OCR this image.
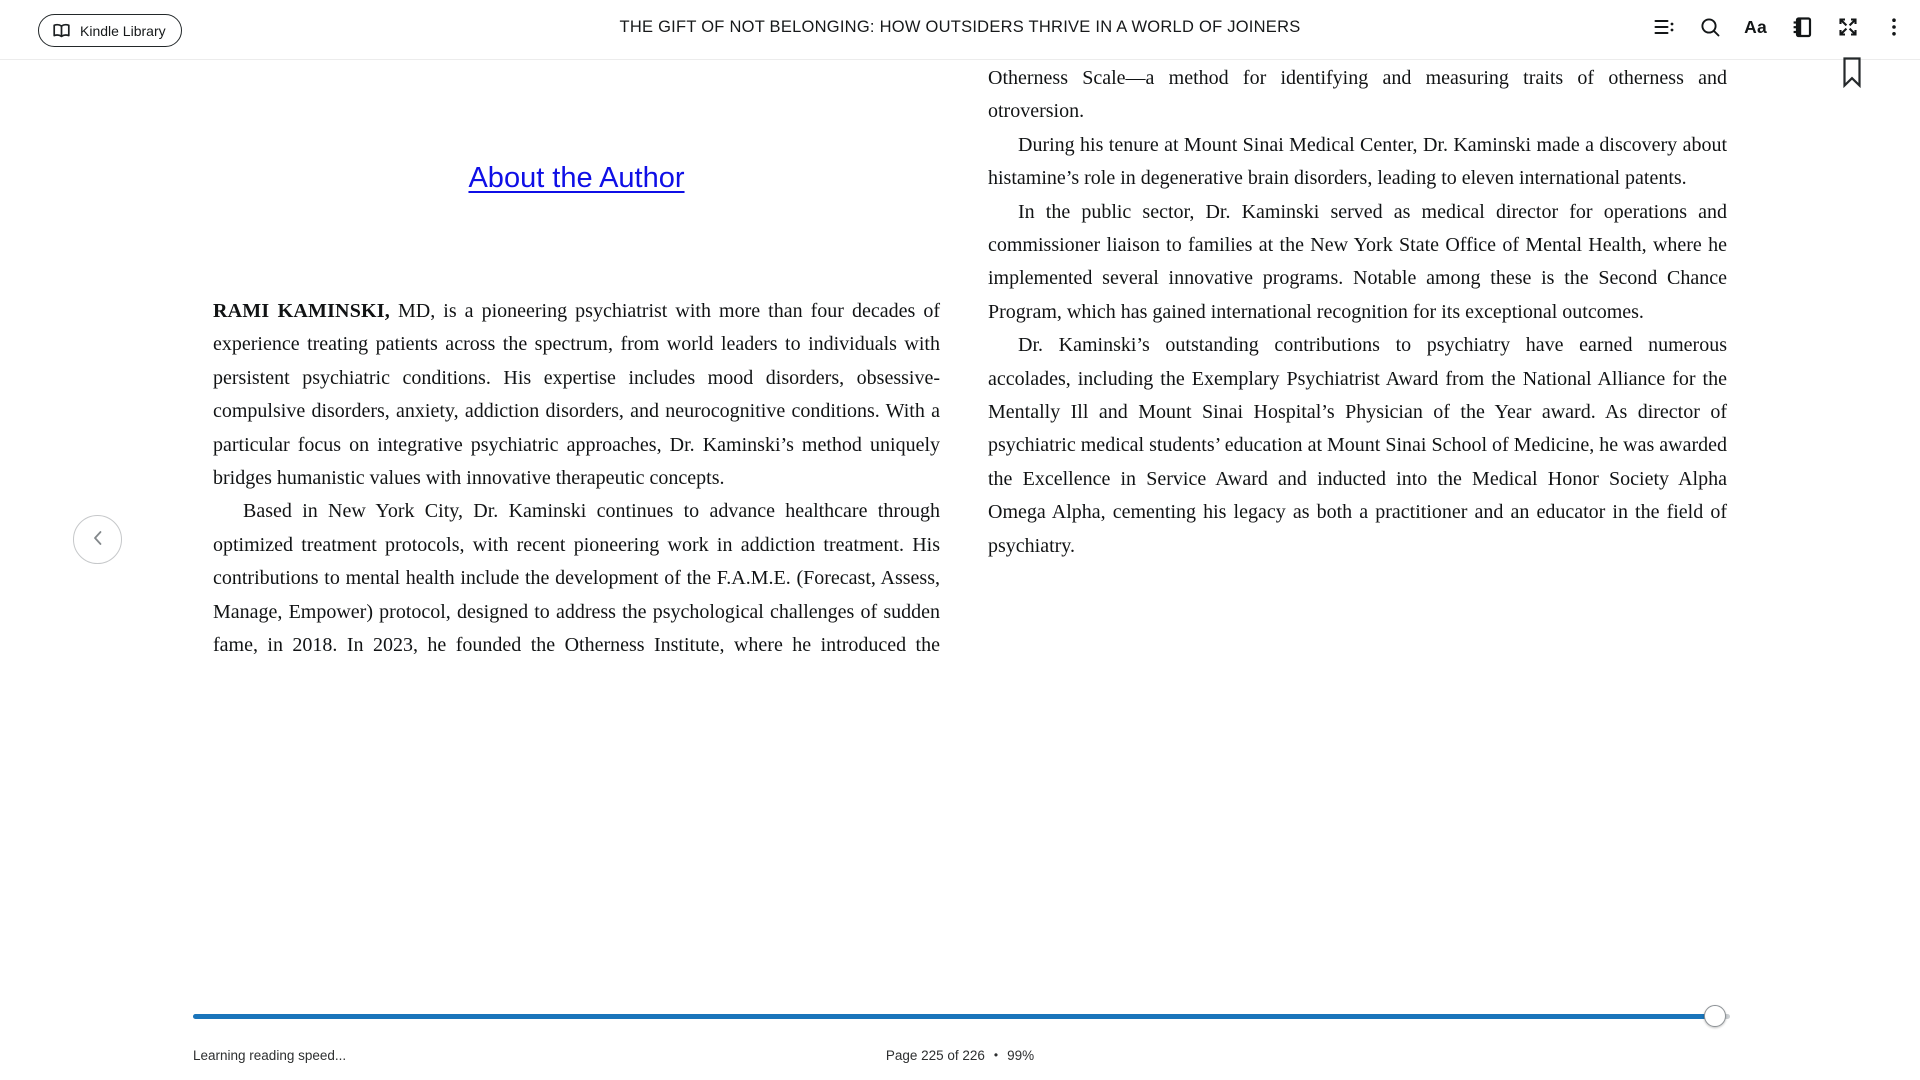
Kindle Library	THE GIFT OF NOT BELONGING: HOW OUTSIDERS THRIVE IN A WORLD OF JOINERS	Aa
About the Author

RAMI KAMINSKI, MD, is a pioneering psychiatrist with more than four decades of experience treating patients across the spectrum, from world leaders to individuals with persistent psychiatric conditions. His expertise includes mood disorders, obsessive-compulsive disorders, anxiety, addiction disorders, and neurocognitive conditions. With a particular focus on integrative psychiatric approaches, Dr. Kaminski’s method uniquely bridges humanistic values with innovative therapeutic concepts.

Based in New York City, Dr. Kaminski continues to advance healthcare through optimized treatment protocols, with recent pioneering work in addiction treatment. His contributions to mental health include the development of the F.A.M.E. (Forecast, Assess, Manage, Empower) protocol, designed to address the psychological challenges of sudden fame, in 2018. In 2023, he founded the Otherness Institute, where he introduced the

Otherness Scale—a method for identifying and measuring traits of otherness and otroversion.

During his tenure at Mount Sinai Medical Center, Dr. Kaminski made a discovery about histamine’s role in degenerative brain disorders, leading to eleven international patents.

In the public sector, Dr. Kaminski served as medical director for operations and commissioner liaison to families at the New York State Office of Mental Health, where he implemented several innovative programs. Notable among these is the Second Chance Program, which has gained international recognition for its exceptional outcomes.

Dr. Kaminski’s outstanding contributions to psychiatry have earned numerous accolades, including the Exemplary Psychiatrist Award from the National Alliance for the Mentally Ill and Mount Sinai Hospital’s Physician of the Year award. As director of psychiatric medical students’ education at Mount Sinai School of Medicine, he was awarded the Excellence in Service Award and inducted into the Medical Honor Society Alpha Omega Alpha, cementing his legacy as both a practitioner and an educator in the field of psychiatry.

Learning reading speed...	Page 225 of 226 • 99%
